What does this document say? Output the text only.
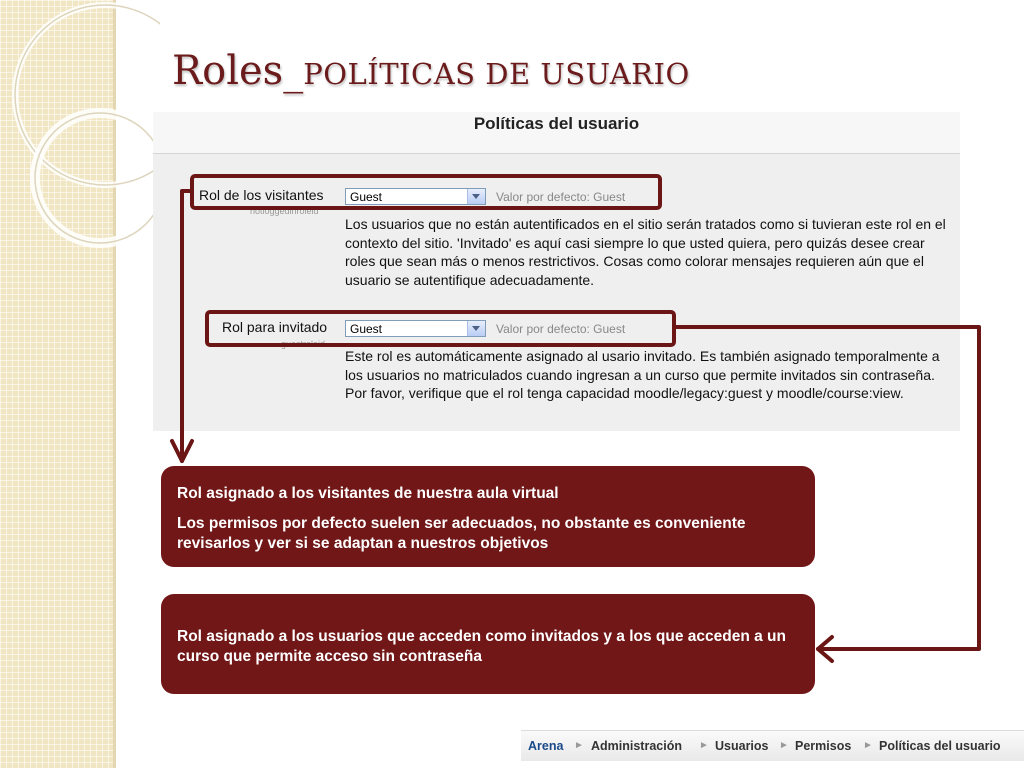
Roles_POLÍTICAS DE USUARIO
Políticas del usuario
Rol de los visitantes
notloggedinroleid
Guest	Valor por defecto: Guest
Los usuarios que no están autentificados en el sitio serán tratados como si tuvieran este rol en el contexto del sitio. 'Invitado' es aquí casi siempre lo que usted quiera, pero quizás desee crear roles que sean más o menos restrictivos. Cosas como colorar mensajes requieren aún que el usuario se autentifique adecuadamente.
Rol para invitado
guestroleid
Guest	Valor por defecto: Guest
Este rol es automáticamente asignado al usario invitado. Es también asignado temporalmente a los usuarios no matriculados cuando ingresan a un curso que permite invitados sin contraseña. Por favor, verifique que el rol tenga capacidad moodle/legacy:guest y moodle/course:view.

Rol asignado a los visitantes de nuestra aula virtual

Los permisos por defecto suelen ser adecuados, no obstante es conveniente revisarlos y ver si se adaptan a nuestros objetivos

Rol asignado a los usuarios que acceden como invitados y a los que acceden a un curso que permite acceso sin contraseña

Arena ► Administración ► Usuarios ► Permisos ► Políticas del usuario
